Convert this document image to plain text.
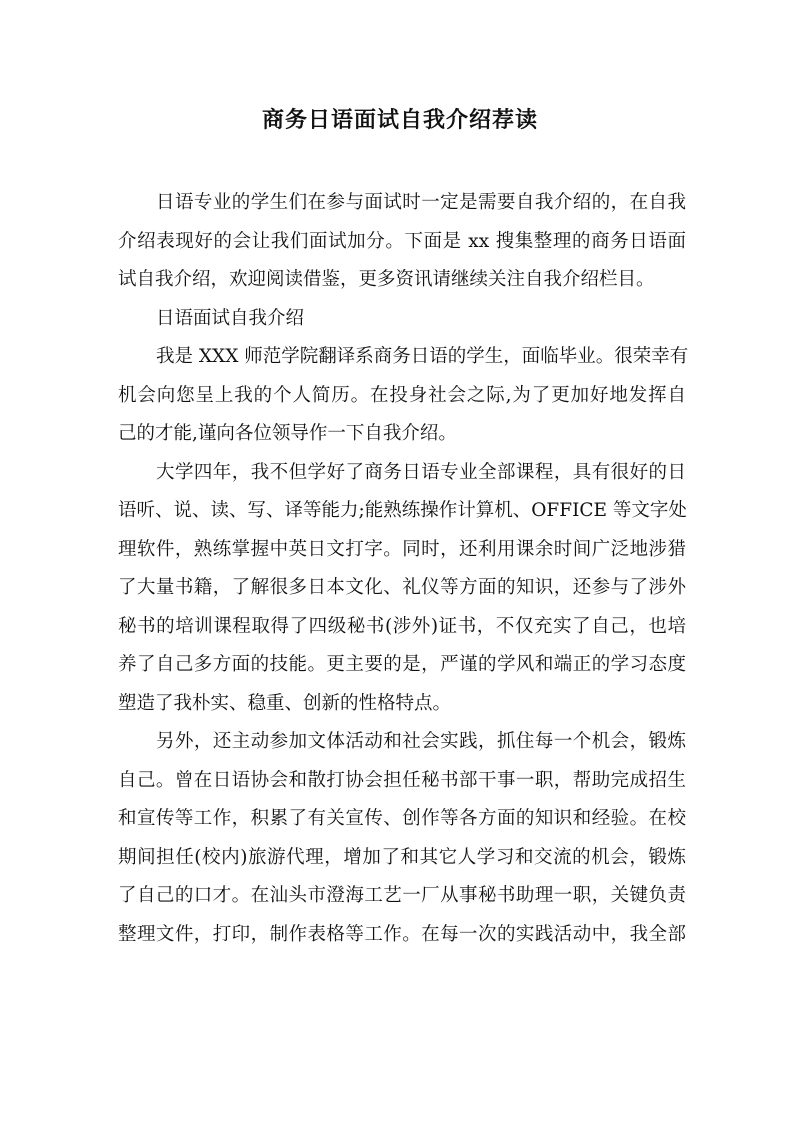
商务日语面试自我介绍荐读
日语专业的学生们在参与面试时一定是需要自我介绍的，在自我
介绍表现好的会让我们面试加分。下面是 xx 搜集整理的商务日语面
试自我介绍，欢迎阅读借鉴，更多资讯请继续关注自我介绍栏目。
日语面试自我介绍
我是 XXX 师范学院翻译系商务日语的学生，面临毕业。很荣幸有
机会向您呈上我的个人简历。在投身社会之际,为了更加好地发挥自
己的才能,谨向各位领导作一下自我介绍。
大学四年，我不但学好了商务日语专业全部课程，具有很好的日
语听、说、读、写、译等能力;能熟练操作计算机、OFFICE 等文字处
理软件，熟练掌握中英日文打字。同时，还利用课余时间广泛地涉猎
了大量书籍，了解很多日本文化、礼仪等方面的知识，还参与了涉外
秘书的培训课程取得了四级秘书(涉外)证书，不仅充实了自己，也培
养了自己多方面的技能。更主要的是，严谨的学风和端正的学习态度
塑造了我朴实、稳重、创新的性格特点。
另外，还主动参加文体活动和社会实践，抓住每一个机会，锻炼
自己。曾在日语协会和散打协会担任秘书部干事一职，帮助完成招生
和宣传等工作，积累了有关宣传、创作等各方面的知识和经验。在校
期间担任(校内)旅游代理，增加了和其它人学习和交流的机会，锻炼
了自己的口才。在汕头市澄海工艺一厂从事秘书助理一职，关键负责
整理文件，打印，制作表格等工作。在每一次的实践活动中，我全部
